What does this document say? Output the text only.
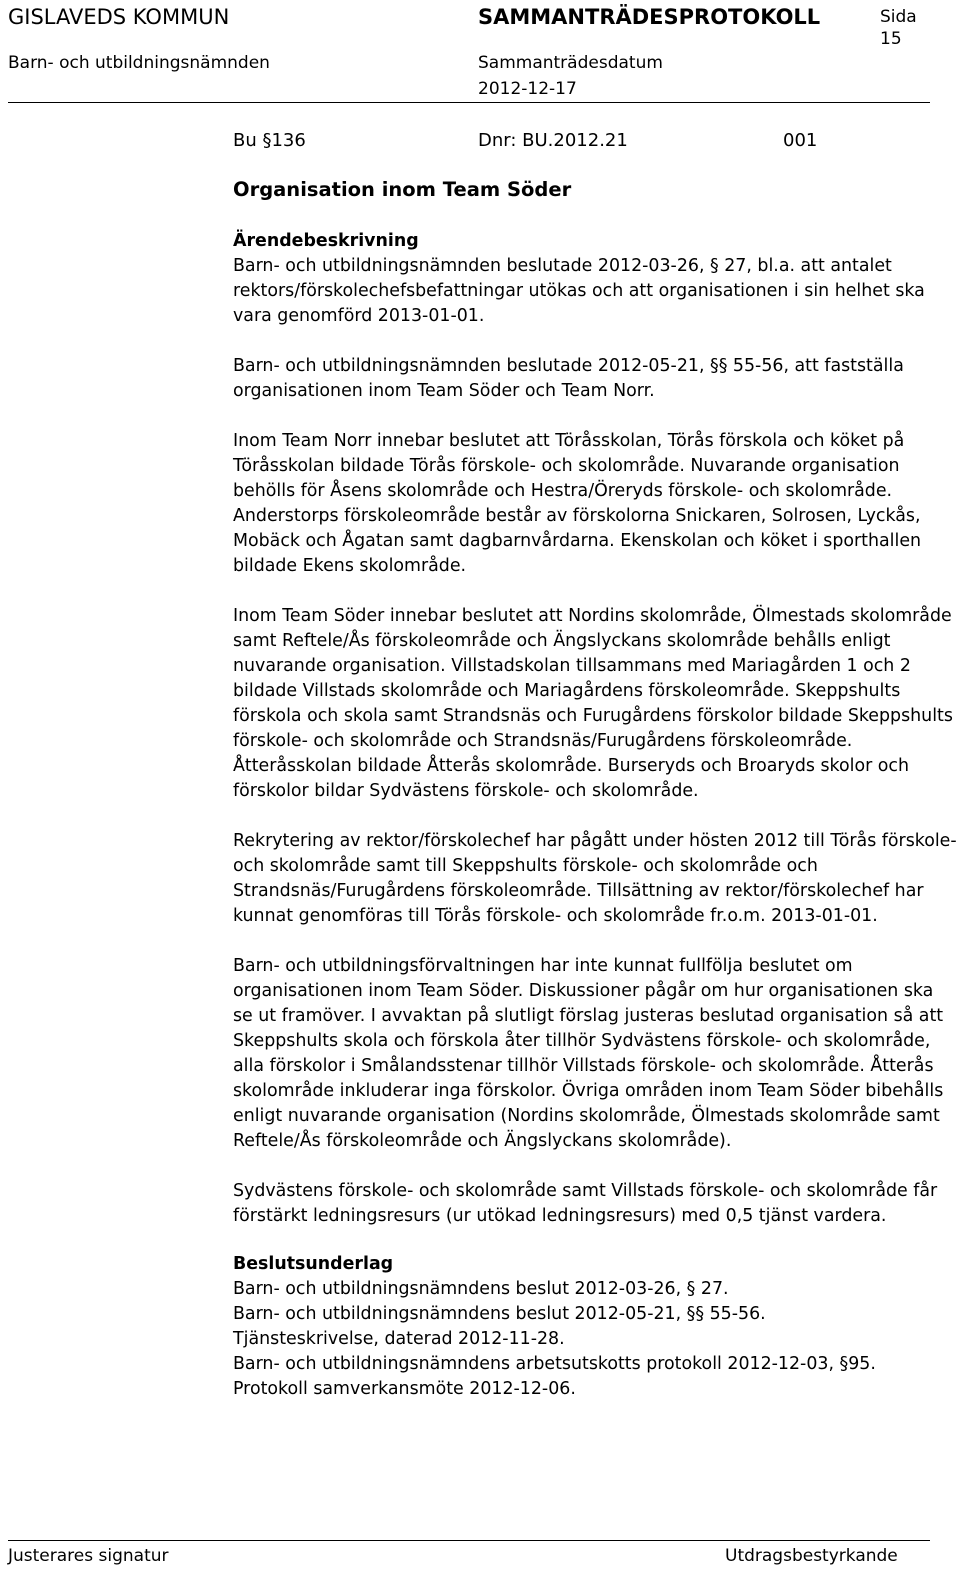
GISLAVEDS KOMMUN	SAMMANTRÄDESPROTOKOLL	Sida
15
Barn- och utbildningsnämnden	Sammanträdesdatum
2012-12-17
Bu §136	Dnr: BU.2012.21	001
Organisation inom Team Söder

Ärendebeskrivning

Barn- och utbildningsnämnden beslutade 2012-03-26, § 27, bl.a. att antalet rektors/förskolechefsbefattningar utökas och att organisationen i sin helhet ska vara genomförd 2013-01-01.

Barn- och utbildningsnämnden beslutade 2012-05-21, §§ 55-56, att fastställa organisationen inom Team Söder och Team Norr.

Inom Team Norr innebar beslutet att Töråsskolan, Törås förskola och köket på Töråsskolan bildade Törås förskole- och skolområde. Nuvarande organisation behölls för Åsens skolområde och Hestra/Öreryds förskole- och skolområde. Anderstorps förskoleområde består av förskolorna Snickaren, Solrosen, Lyckås, Mobäck och Ågatan samt dagbarnvårdarna. Ekenskolan och köket i sporthallen bildade Ekens skolområde.

Inom Team Söder innebar beslutet att Nordins skolområde, Ölmestads skolområde samt Reftele/Ås förskoleområde och Ängslyckans skolområde behålls enligt nuvarande organisation. Villstadskolan tillsammans med Mariagården 1 och 2 bildade Villstads skolområde och Mariagårdens förskoleområde. Skeppshults förskola och skola samt Strandsnäs och Furugårdens förskolor bildade Skeppshults förskole- och skolområde och Strandsnäs/Furugårdens förskoleområde. Åtteråsskolan bildade Åtterås skolområde. Burseryds och Broaryds skolor och förskolor bildar Sydvästens förskole- och skolområde.

Rekrytering av rektor/förskolechef har pågått under hösten 2012 till Törås förskole- och skolområde samt till Skeppshults förskole- och skolområde och Strandsnäs/Furugårdens förskoleområde. Tillsättning av rektor/förskolechef har kunnat genomföras till Törås förskole- och skolområde fr.o.m. 2013-01-01.

Barn- och utbildningsförvaltningen har inte kunnat fullfölja beslutet om organisationen inom Team Söder. Diskussioner pågår om hur organisationen ska se ut framöver. I avvaktan på slutligt förslag justeras beslutad organisation så att Skeppshults skola och förskola åter tillhör Sydvästens förskole- och skolområde, alla förskolor i Smålandsstenar tillhör Villstads förskole- och skolområde. Åtterås skolområde inkluderar inga förskolor. Övriga områden inom Team Söder bibehålls enligt nuvarande organisation (Nordins skolområde, Ölmestads skolområde samt Reftele/Ås förskoleområde och Ängslyckans skolområde).

Sydvästens förskole- och skolområde samt Villstads förskole- och skolområde får förstärkt ledningsresurs (ur utökad ledningsresurs) med 0,5 tjänst vardera.

Beslutsunderlag

Barn- och utbildningsnämndens beslut 2012-03-26, § 27.

Barn- och utbildningsnämndens beslut 2012-05-21, §§ 55-56.

Tjänsteskrivelse, daterad 2012-11-28.

Barn- och utbildningsnämndens arbetsutskotts protokoll 2012-12-03, §95.

Protokoll samverkansmöte 2012-12-06.

Justerares signatur	Utdragsbestyrkande
